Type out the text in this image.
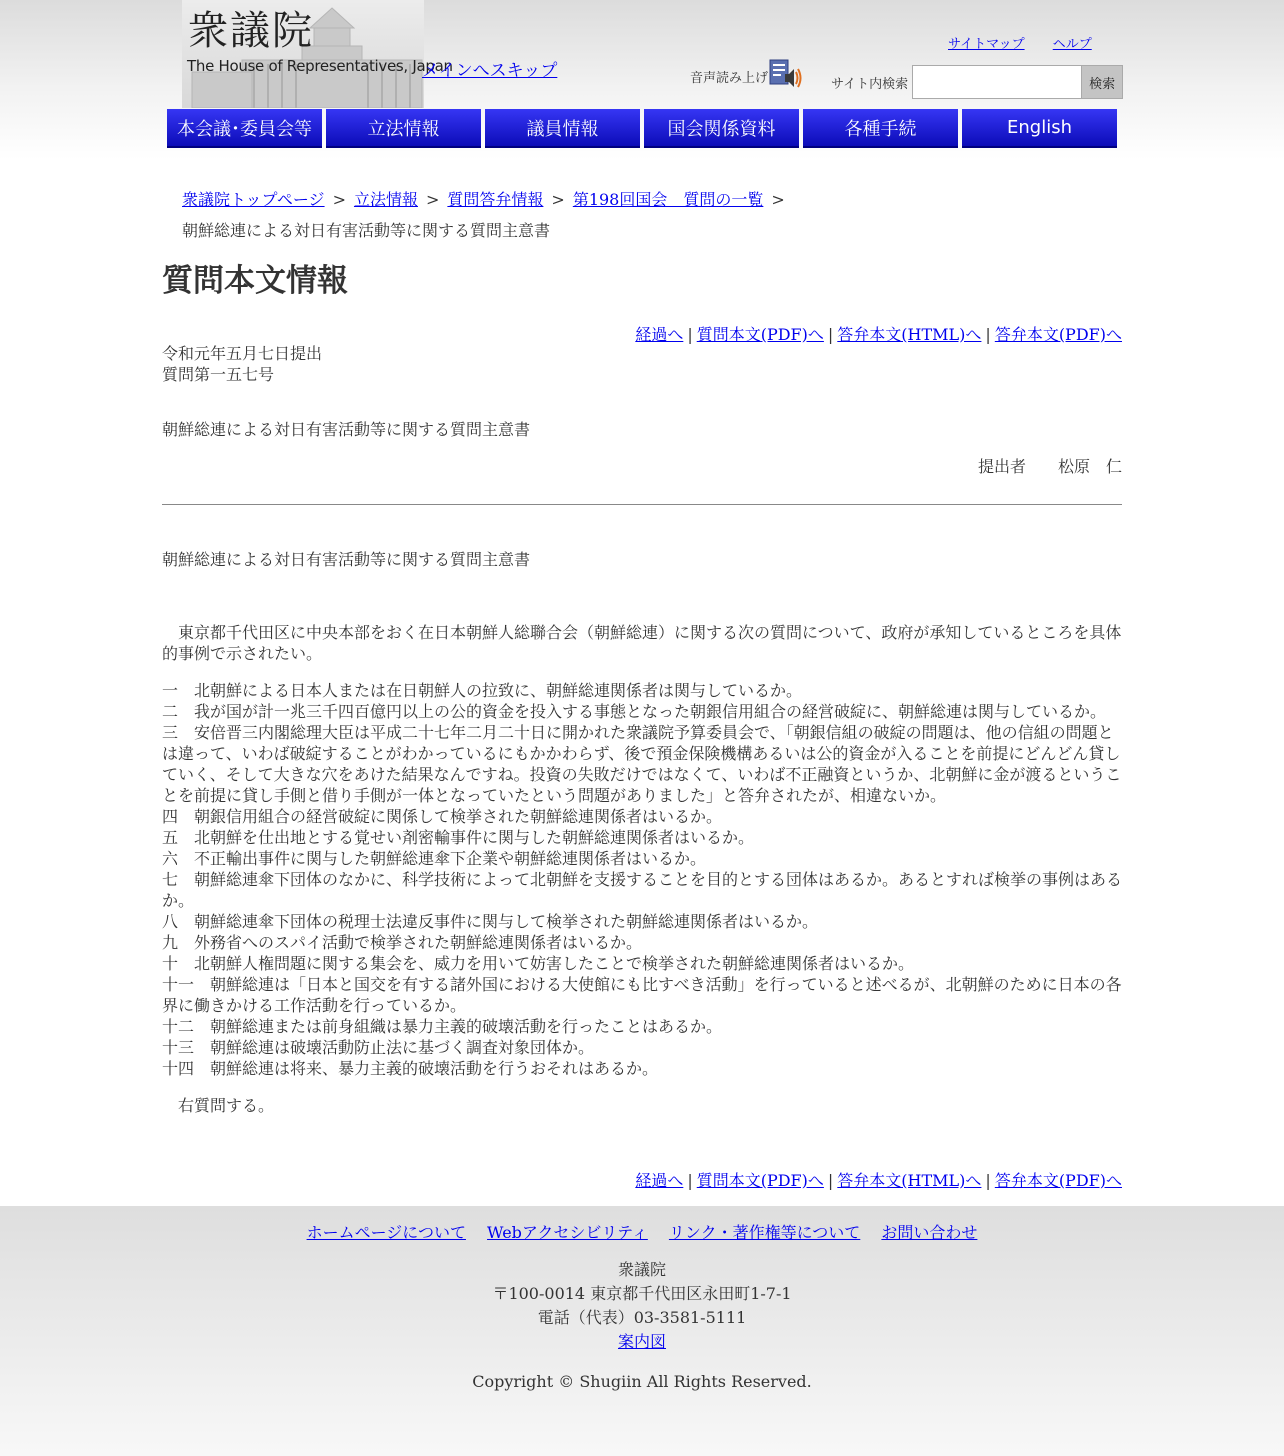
衆議院
The House of Representatives, Japan
メインへスキップ
サイトマップ ヘルプ
音声読み上げ	サイト内検索	検索
本会議･委員会等	立法情報	議員情報	国会関係資料	各種手続	English
衆議院トップページ > 立法情報 > 質問答弁情報 > 第198回国会　質問の一覧 >
朝鮮総連による対日有害活動等に関する質問主意書
質問本文情報
経過へ | 質問本文(PDF)へ | 答弁本文(HTML)へ | 答弁本文(PDF)へ
令和元年五月七日提出
質問第一五七号
朝鮮総連による対日有害活動等に関する質問主意書
提出者　　松原　仁
朝鮮総連による対日有害活動等に関する質問主意書
　東京都千代田区に中央本部をおく在日本朝鮮人総聯合会（朝鮮総連）に関する次の質問について、政府が承知しているところを具体的事例で示されたい。
一　北朝鮮による日本人または在日朝鮮人の拉致に、朝鮮総連関係者は関与しているか。
二　我が国が計一兆三千四百億円以上の公的資金を投入する事態となった朝銀信用組合の経営破綻に、朝鮮総連は関与しているか。
三　安倍晋三内閣総理大臣は平成二十七年二月二十日に開かれた衆議院予算委員会で、「朝銀信組の破綻の問題は、他の信組の問題とは違って、いわば破綻することがわかっているにもかかわらず、後で預金保険機構あるいは公的資金が入ることを前提にどんどん貸していく、そして大きな穴をあけた結果なんですね。投資の失敗だけではなくて、いわば不正融資というか、北朝鮮に金が渡るということを前提に貸し手側と借り手側が一体となっていたという問題がありました」と答弁されたが、相違ないか。
四　朝銀信用組合の経営破綻に関係して検挙された朝鮮総連関係者はいるか。
五　北朝鮮を仕出地とする覚せい剤密輸事件に関与した朝鮮総連関係者はいるか。
六　不正輸出事件に関与した朝鮮総連傘下企業や朝鮮総連関係者はいるか。
七　朝鮮総連傘下団体のなかに、科学技術によって北朝鮮を支援することを目的とする団体はあるか。あるとすれば検挙の事例はあるか。
八　朝鮮総連傘下団体の税理士法違反事件に関与して検挙された朝鮮総連関係者はいるか。
九　外務省へのスパイ活動で検挙された朝鮮総連関係者はいるか。
十　北朝鮮人権問題に関する集会を、威力を用いて妨害したことで検挙された朝鮮総連関係者はいるか。
十一　朝鮮総連は「日本と国交を有する諸外国における大使館にも比すべき活動」を行っていると述べるが、北朝鮮のために日本の各界に働きかける工作活動を行っているか。
十二　朝鮮総連または前身組織は暴力主義的破壊活動を行ったことはあるか。
十三　朝鮮総連は破壊活動防止法に基づく調査対象団体か。
十四　朝鮮総連は将来、暴力主義的破壊活動を行うおそれはあるか。
　右質問する。
経過へ | 質問本文(PDF)へ | 答弁本文(HTML)へ | 答弁本文(PDF)へ
ホームページについて Webアクセシビリティ リンク・著作権等について お問い合わせ
衆議院
〒100-0014 東京都千代田区永田町1-7-1
電話（代表）03-3581-5111
案内図
Copyright © Shugiin All Rights Reserved.
